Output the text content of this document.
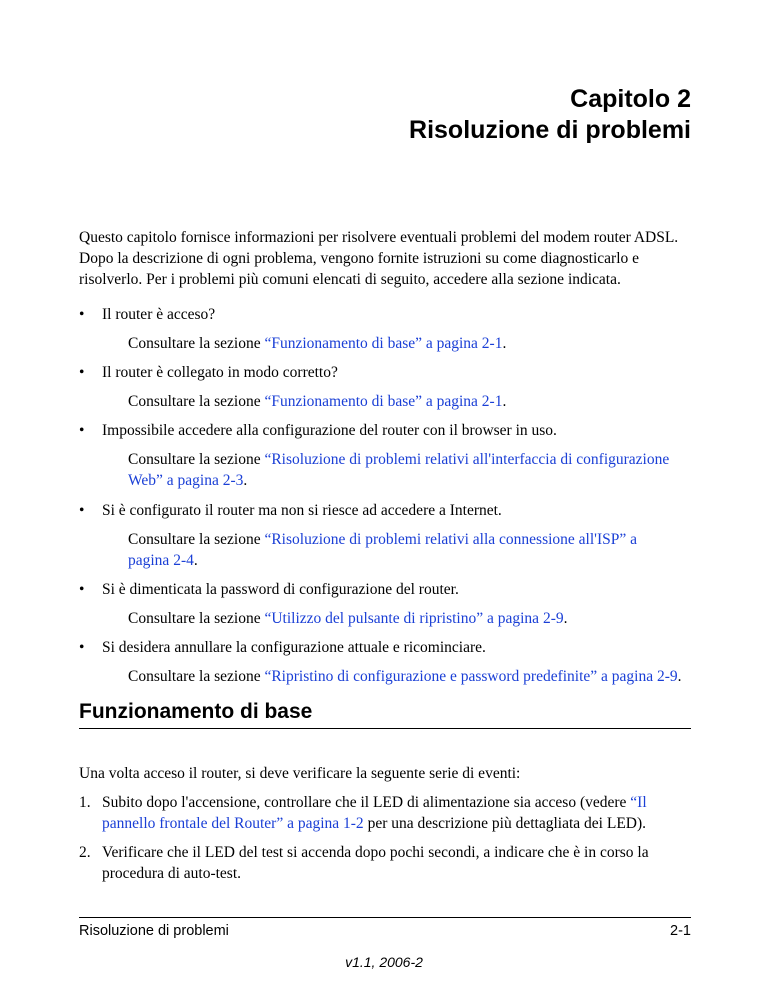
Capitolo 2
Risoluzione di problemi
Questo capitolo fornisce informazioni per risolvere eventuali problemi del modem router ADSL. Dopo la descrizione di ogni problema, vengono fornite istruzioni su come diagnosticarlo e risolverlo. Per i problemi più comuni elencati di seguito, accedere alla sezione indicata.
• Il router è acceso?
Consultare la sezione “Funzionamento di base” a pagina 2-1.
• Il router è collegato in modo corretto?
Consultare la sezione “Funzionamento di base” a pagina 2-1.
• Impossibile accedere alla configurazione del router con il browser in uso.
Consultare la sezione “Risoluzione di problemi relativi all'interfaccia di configurazione
Web” a pagina 2-3.
• Si è configurato il router ma non si riesce ad accedere a Internet.
Consultare la sezione “Risoluzione di problemi relativi alla connessione all'ISP” a
pagina 2-4.
• Si è dimenticata la password di configurazione del router.
Consultare la sezione “Utilizzo del pulsante di ripristino” a pagina 2-9.
• Si desidera annullare la configurazione attuale e ricominciare.
Consultare la sezione “Ripristino di configurazione e password predefinite” a pagina 2-9.
Funzionamento di base
Una volta acceso il router, si deve verificare la seguente serie di eventi:
1. Subito dopo l'accensione, controllare che il LED di alimentazione sia acceso (vedere “Il
pannello frontale del Router” a pagina 1-2 per una descrizione più dettagliata dei LED).
2. Verificare che il LED del test si accenda dopo pochi secondi, a indicare che è in corso la
procedura di auto-test.
Risoluzione di problemi	2-1
v1.1, 2006-2
